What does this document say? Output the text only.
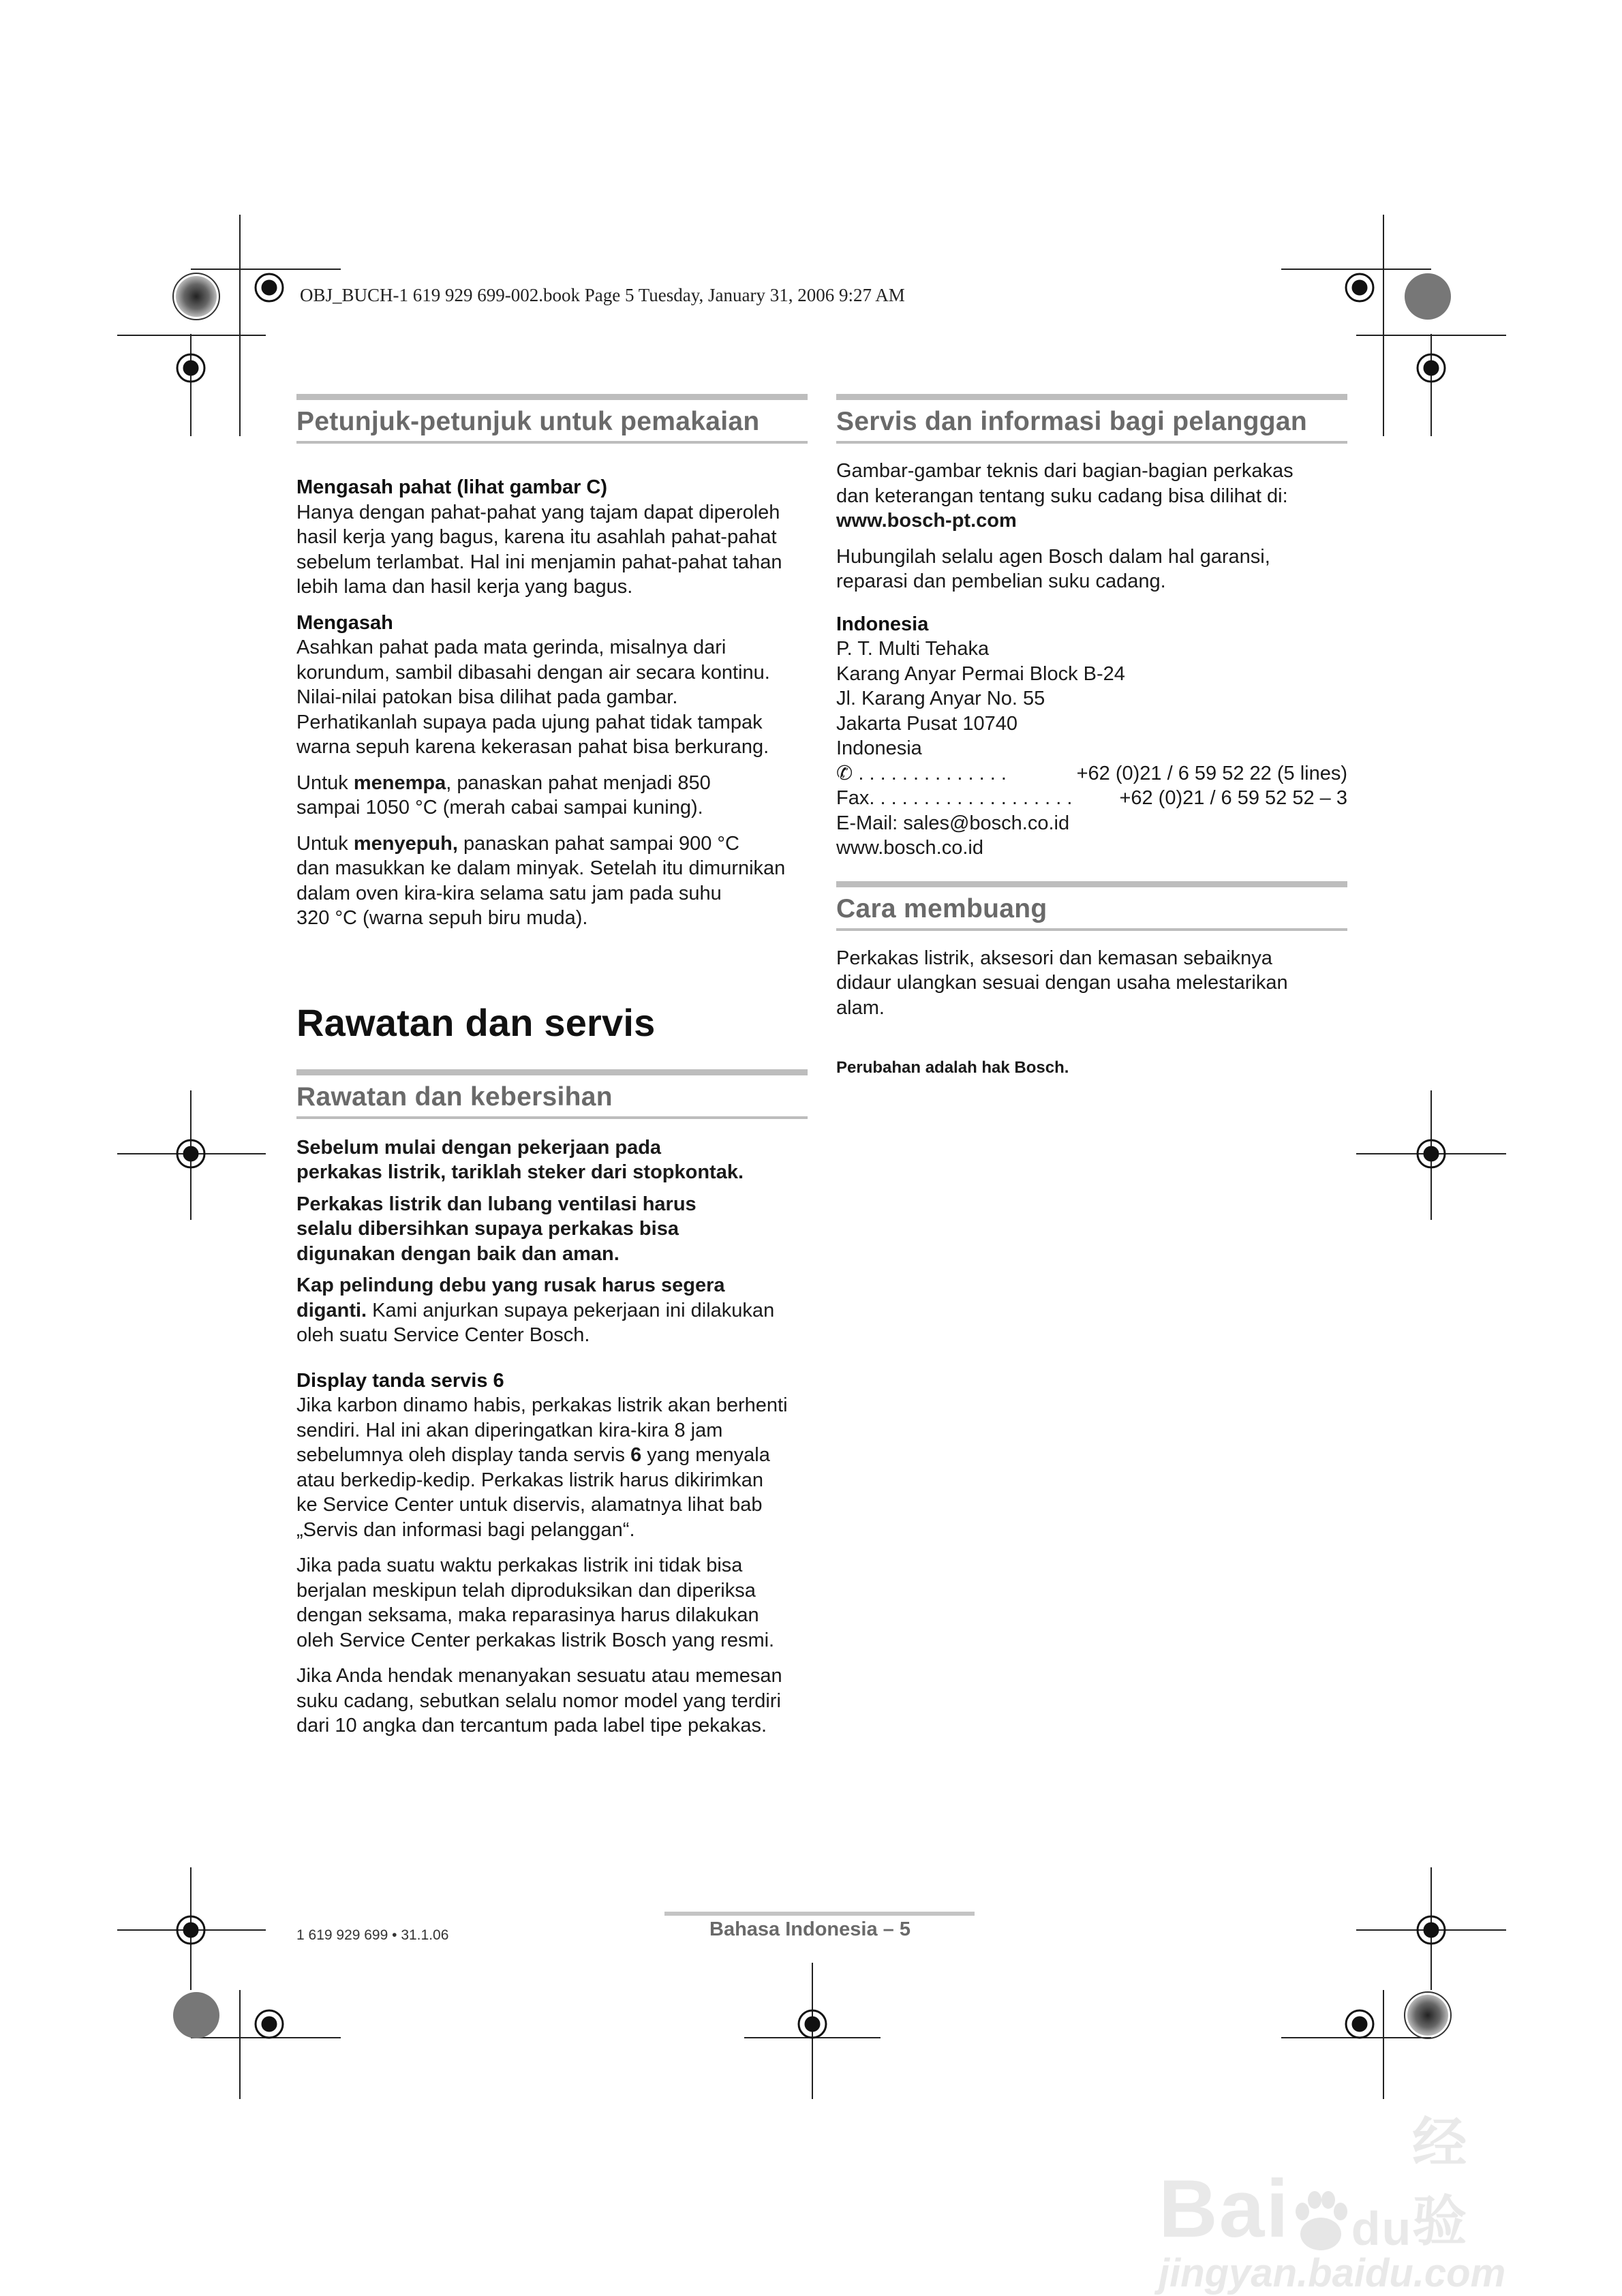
OBJ_BUCH-1 619 929 699-002.book Page 5 Tuesday, January 31, 2006 9:27 AM
Petunjuk-petunjuk untuk pemakaian

Mengasah pahat (lihat gambar C)

Hanya dengan pahat-pahat yang tajam dapat diperoleh
hasil kerja yang bagus, karena itu asahlah pahat-pahat
sebelum terlambat. Hal ini menjamin pahat-pahat tahan
lebih lama dan hasil kerja yang bagus.

Mengasah

Asahkan pahat pada mata gerinda, misalnya dari
korundum, sambil dibasahi dengan air secara kontinu.
Nilai-nilai patokan bisa dilihat pada gambar.
Perhatikanlah supaya pada ujung pahat tidak tampak
warna sepuh karena kekerasan pahat bisa berkurang.

Untuk menempa, panaskan pahat menjadi 850
sampai 1050 °C (merah cabai sampai kuning).

Untuk menyepuh, panaskan pahat sampai 900 °C
dan masukkan ke dalam minyak. Setelah itu dimurnikan
dalam oven kira-kira selama satu jam pada suhu
320 °C (warna sepuh biru muda).

Rawatan dan servis
Rawatan dan kebersihan

Sebelum mulai dengan pekerjaan pada
perkakas listrik, tariklah steker dari stopkontak.

Perkakas listrik dan lubang ventilasi harus
selalu dibersihkan supaya perkakas bisa
digunakan dengan baik dan aman.

Kap pelindung debu yang rusak harus segera
diganti. Kami anjurkan supaya pekerjaan ini dilakukan
oleh suatu Service Center Bosch.

Display tanda servis 6

Jika karbon dinamo habis, perkakas listrik akan berhenti
sendiri. Hal ini akan diperingatkan kira-kira 8 jam
sebelumnya oleh display tanda servis 6 yang menyala
atau berkedip-kedip. Perkakas listrik harus dikirimkan
ke Service Center untuk diservis, alamatnya lihat bab
„Servis dan informasi bagi pelanggan“.

Jika pada suatu waktu perkakas listrik ini tidak bisa
berjalan meskipun telah diproduksikan dan diperiksa
dengan seksama, maka reparasinya harus dilakukan
oleh Service Center perkakas listrik Bosch yang resmi.

Jika Anda hendak menanyakan sesuatu atau memesan
suku cadang, sebutkan selalu nomor model yang terdiri
dari 10 angka dan tercantum pada label tipe pekakas.

Servis dan informasi bagi pelanggan

Gambar-gambar teknis dari bagian-bagian perkakas
dan keterangan tentang suku cadang bisa dilihat di:
www.bosch-pt.com

Hubungilah selalu agen Bosch dalam hal garansi,
reparasi dan pembelian suku cadang.

Indonesia

P. T. Multi Tehaka
Karang Anyar Permai Block B-24
Jl. Karang Anyar No. 55
Jakarta Pusat 10740
Indonesia

✆ . . . . . . . . . . . . . .	+62 (0)21 / 6 59 52 22 (5 lines)
Fax. . . . . . . . . . . . . . . . . . . +62 (0)21 / 6 59 52 52 – 3

E-Mail: sales@bosch.co.id
www.bosch.co.id

Cara membuang

Perkakas listrik, aksesori dan kemasan sebaiknya
didaur ulangkan sesuai dengan usaha melestarikan
alam.

Perubahan adalah hak Bosch.

1 619 929 699 • 31.1.06	Bahasa Indonesia – 5
Bai du
经验
jingyan.baidu.com
